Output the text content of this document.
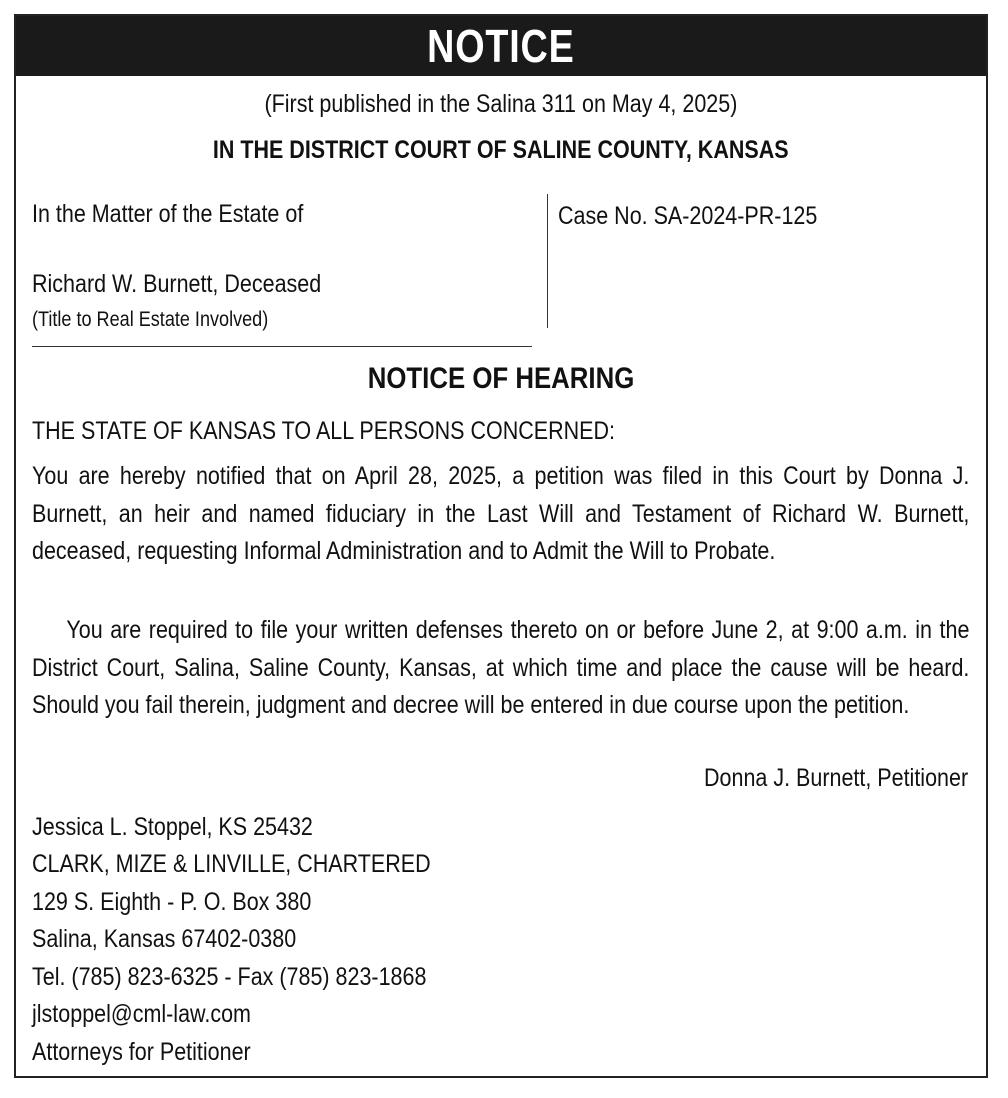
NOTICE
(First published in the Salina 311 on May 4, 2025)
IN THE DISTRICT COURT OF SALINE COUNTY, KANSAS
In the Matter of the Estate of
Richard W. Burnett, Deceased
(Title to Real Estate Involved)
Case No. SA-2024-PR-125
NOTICE OF HEARING
THE STATE OF KANSAS TO ALL PERSONS CONCERNED:
You are hereby notified that on April 28, 2025, a petition was filed in this Court by Donna J. Burnett, an heir and named fiduciary in the Last Will and Testament of Richard W. Burnett, deceased, requesting Informal Administration and to Admit the Will to Probate.
You are required to file your written defenses thereto on or before June 2, at 9:00 a.m. in the District Court, Salina, Saline County, Kansas, at which time and place the cause will be heard. Should you fail therein, judgment and decree will be entered in due course upon the petition.
Donna J. Burnett, Petitioner
Jessica L. Stoppel, KS 25432
CLARK, MIZE & LINVILLE, CHARTERED
129 S. Eighth - P. O. Box 380
Salina, Kansas 67402-0380
Tel. (785) 823-6325 - Fax (785) 823-1868
jlstoppel@cml-law.com
Attorneys for Petitioner
